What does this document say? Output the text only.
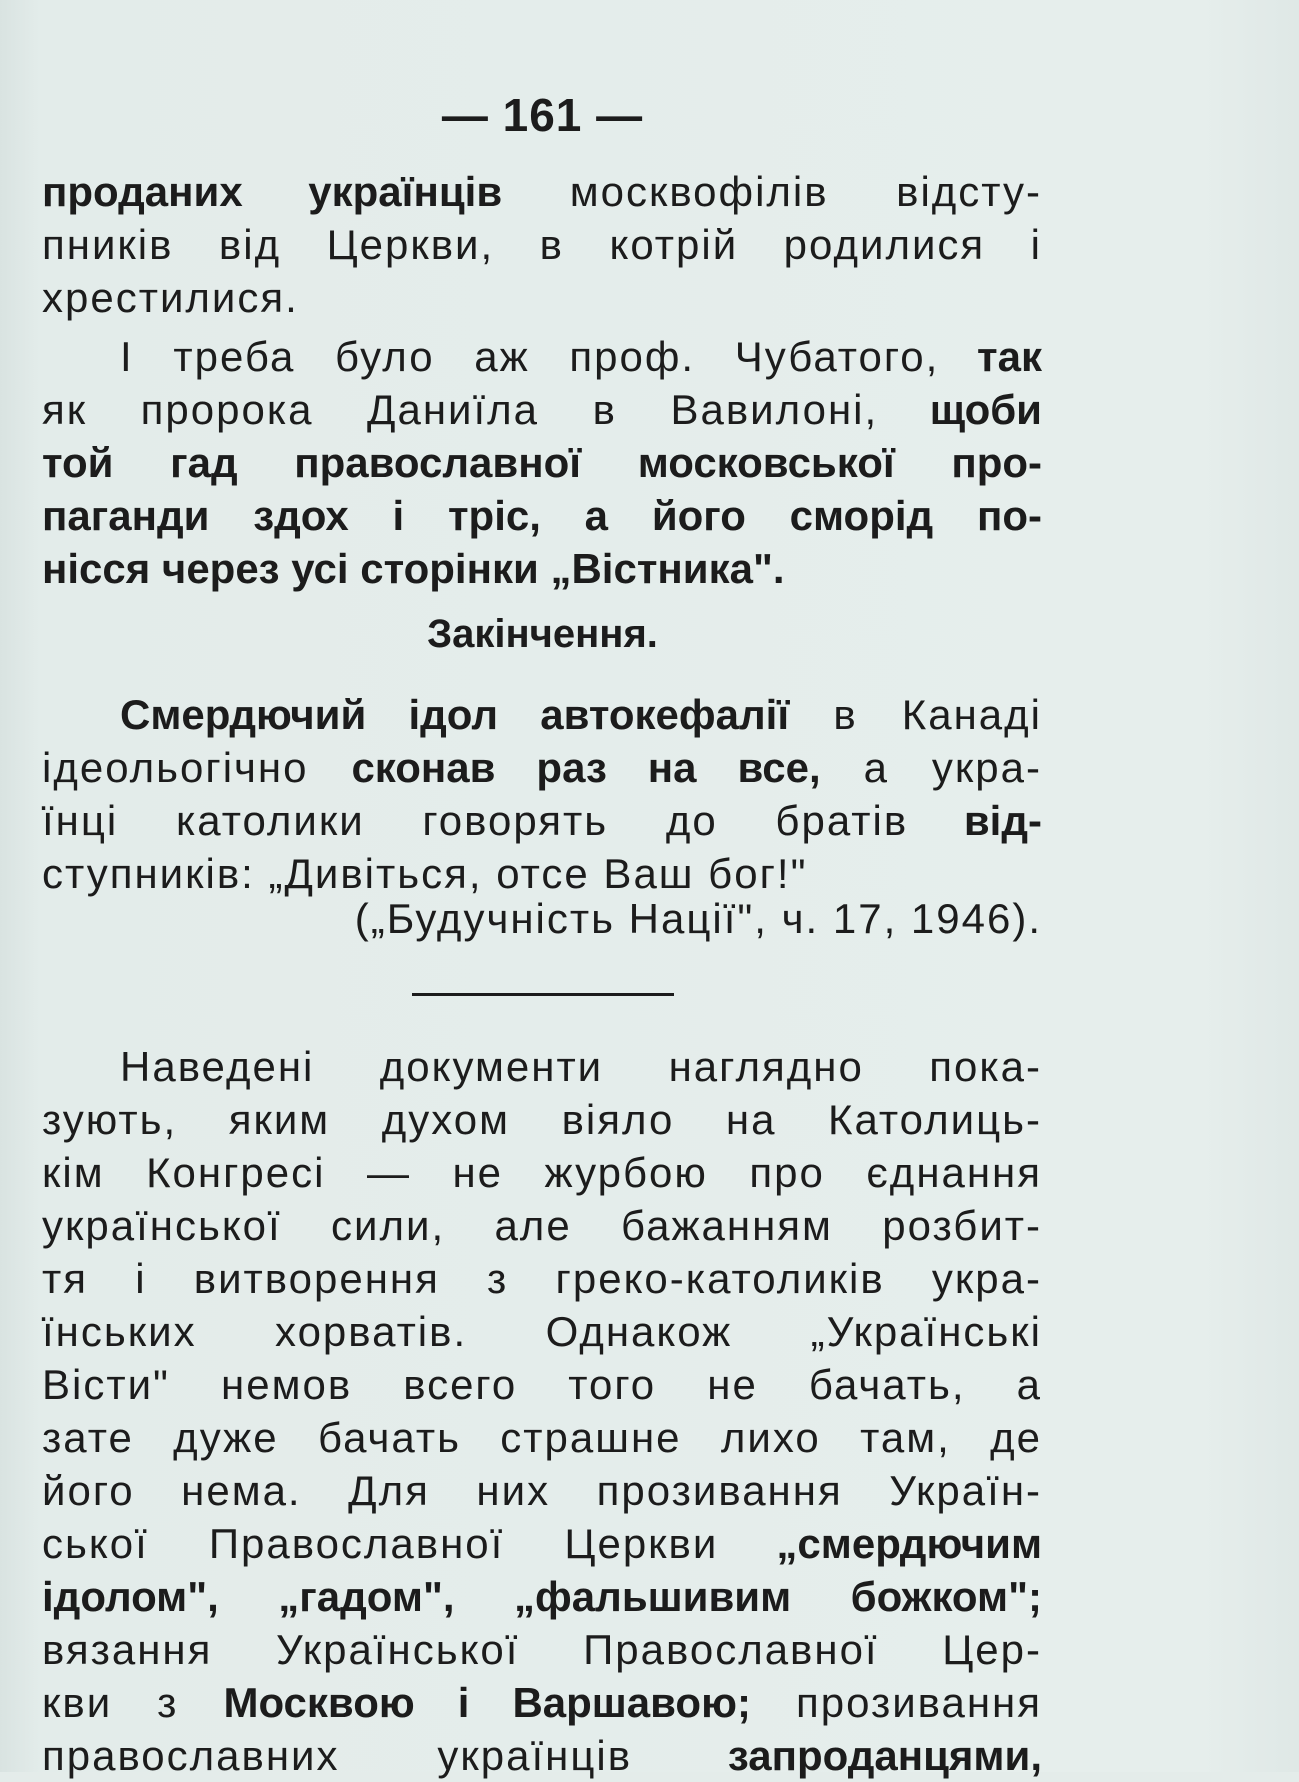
— 161 —
проданих українців москвофілів відсту-
пників від Церкви, в котрій родилися і
хрестилися.
І треба було аж проф. Чубатого, так
як пророка Даниїла в Вавилоні, щоби
той гад православної московської про-
паганди здох і тріс, а його сморід по-
нісся через усі сторінки „Вістника".
Закінчення.
Смердючий ідол автокефалії в Канаді
ідеольогічно сконав раз на все, а укра-
їнці католики говорять до братів від-
ступників: „Дивіться, отсе Ваш бог!"
(„Будучність Нації", ч. 17, 1946).
Наведені документи наглядно пока-
зують, яким духом віяло на Католиць-
кім Конгресі — не журбою про єднання
української сили, але бажанням розбит-
тя і витворення з греко-католиків укра-
їнських хорватів. Однакож „Українські
Вісти" немов всего того не бачать, а
зате дуже бачать страшне лихо там, де
його нема. Для них прозивання Україн-
ської Православної Церкви „смердючим
ідолом", „гадом", „фальшивим божком";
вязання Української Православної Цер-
кви з Москвою і Варшавою; прозивання
православних українців запроданцями,
